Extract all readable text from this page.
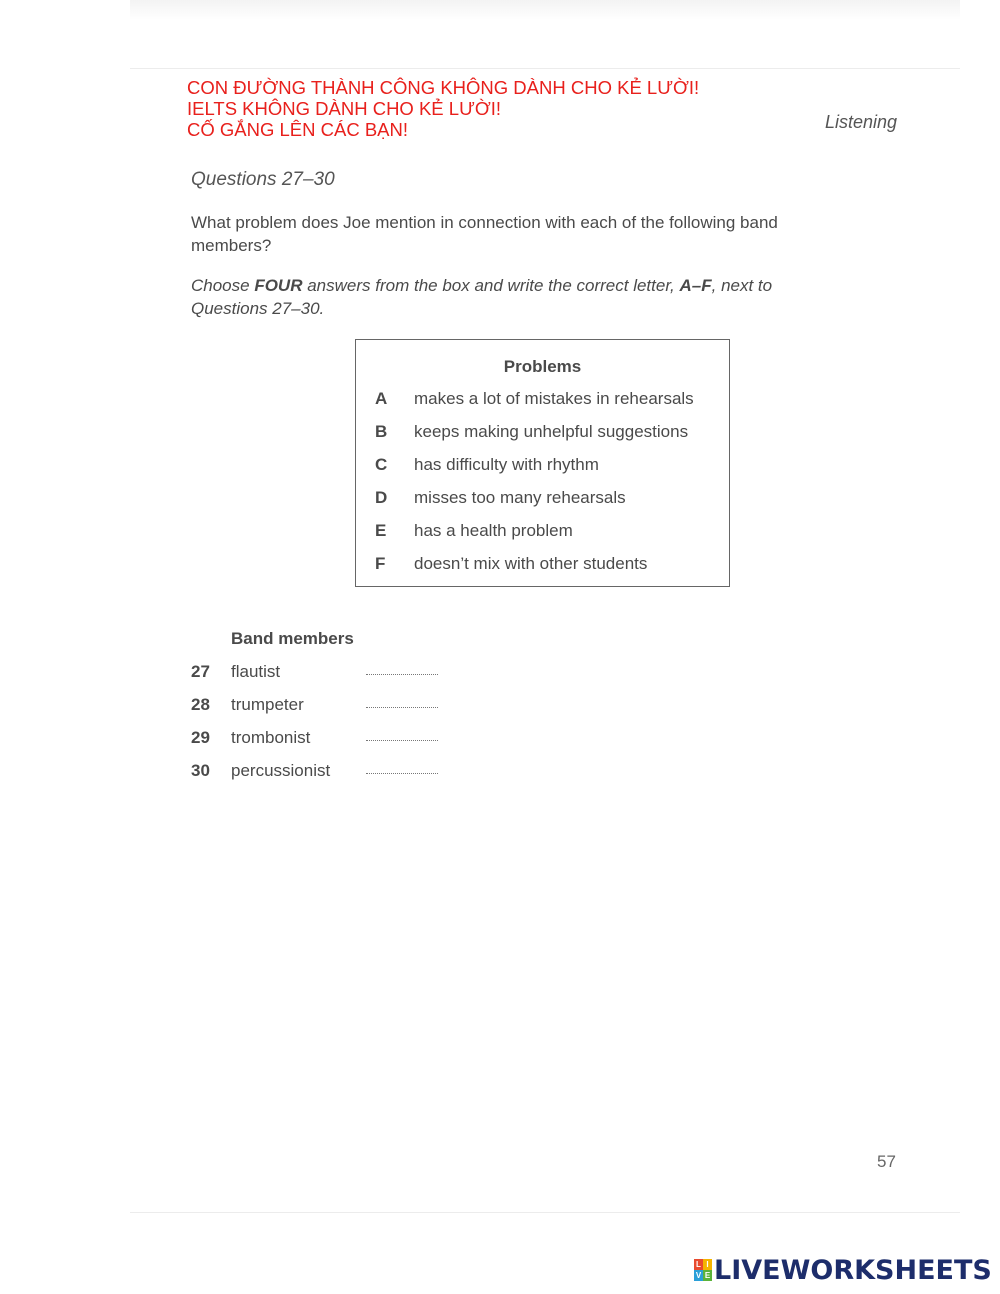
CON ĐƯỜNG THÀNH CÔNG KHÔNG DÀNH CHO KẺ LƯỜI!
IELTS KHÔNG DÀNH CHO KẺ LƯỜI!
CỐ GẮNG LÊN CÁC BẠN!	Listening
Questions 27–30
What problem does Joe mention in connection with each of the following band members?
Choose FOUR answers from the box and write the correct letter, A–F, next to Questions 27–30.
Problems
A makes a lot of mistakes in rehearsals
B keeps making unhelpful suggestions
C has difficulty with rhythm
D misses too many rehearsals
E has a health problem
F doesn’t mix with other students
Band members
27 flautist
28 trumpeter
29 trombonist
30 percussionist
57
L I
V E LIVEWORKSHEETS
